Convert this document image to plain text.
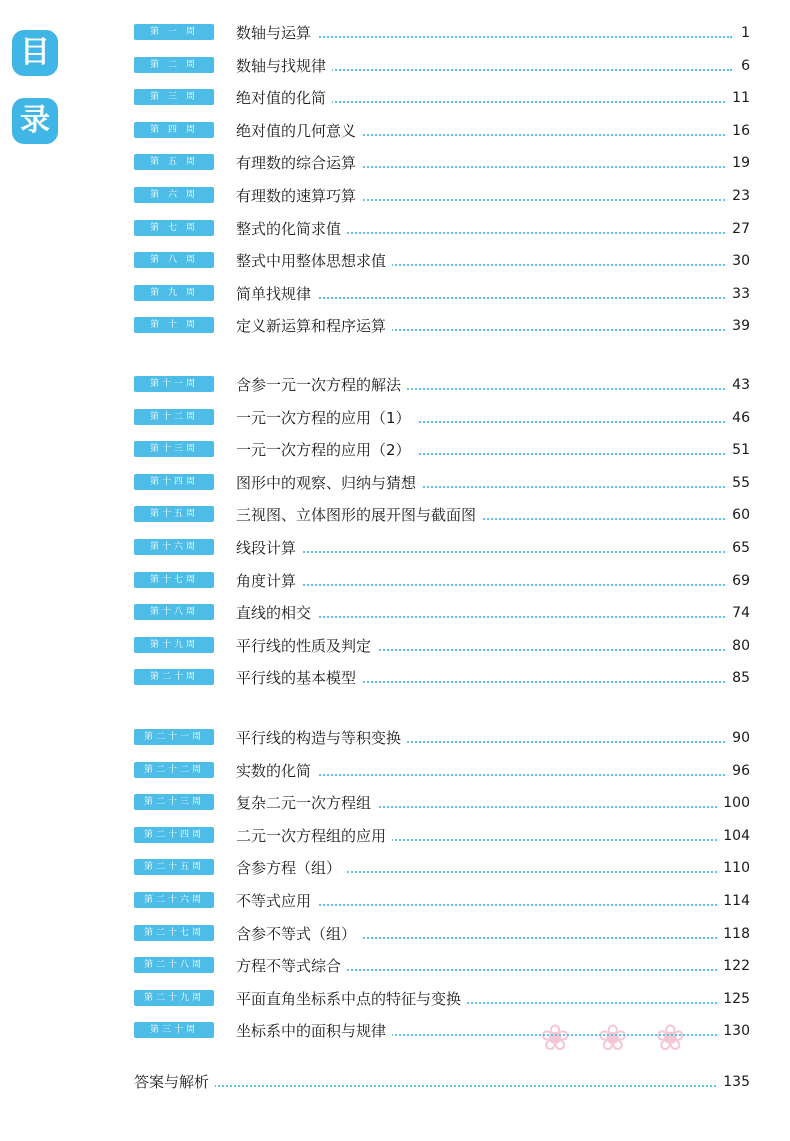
目
录
第 一 周	数轴与运算	1
第 二 周	数轴与找规律	6
第 三 周	绝对值的化简	11
第 四 周	绝对值的几何意义	16
第 五 周	有理数的综合运算	19
第 六 周	有理数的速算巧算	23
第 七 周	整式的化简求值	27
第 八 周	整式中用整体思想求值	30
第 九 周	简单找规律	33
第 十 周	定义新运算和程序运算	39
第十一周	含参一元一次方程的解法	43
第十二周	一元一次方程的应用（1）	46
第十三周	一元一次方程的应用（2）	51
第十四周	图形中的观察、归纳与猜想	55
第十五周	三视图、立体图形的展开图与截面图	60
第十六周	线段计算	65
第十七周	角度计算	69
第十八周	直线的相交	74
第十九周	平行线的性质及判定	80
第二十周	平行线的基本模型	85
第二十一周	平行线的构造与等积变换	90
第二十二周	实数的化简	96
第二十三周	复杂二元一次方程组	100
第二十四周	二元一次方程组的应用	104
第二十五周	含参方程（组）	110
第二十六周	不等式应用	114
第二十七周	含参不等式（组）	118
第二十八周	方程不等式综合	122
第二十九周	平面直角坐标系中点的特征与变换	125
第三十周	坐标系中的面积与规律	130
答案与解析	135
❀ ❀ ❀
